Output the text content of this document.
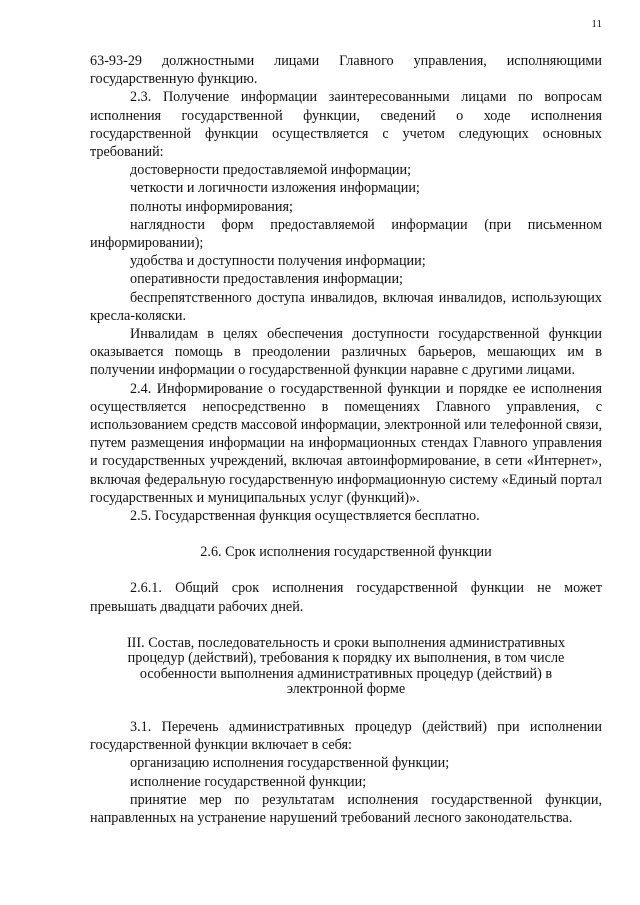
11

63-93-29 должностными лицами Главного управления, исполняющими государственную функцию.

2.3. Получение информации заинтересованными лицами по вопросам исполнения государственной функции, сведений о ходе исполнения государственной функции осуществляется с учетом следующих основных требований:

достоверности предоставляемой информации;

четкости и логичности изложения информации;

полноты информирования;

наглядности форм предоставляемой информации (при письменном информировании);

удобства и доступности получения информации;

оперативности предоставления информации;

беспрепятственного доступа инвалидов, включая инвалидов, использующих кресла-коляски.

Инвалидам в целях обеспечения доступности государственной функции оказывается помощь в преодолении различных барьеров, мешающих им в получении информации о государственной функции наравне с другими лицами.

2.4. Информирование о государственной функции и порядке ее исполнения осуществляется непосредственно в помещениях Главного управления, с использованием средств массовой информации, электронной или телефонной связи, путем размещения информации на информационных стендах Главного управления и государственных учреждений, включая автоинформирование, в сети «Интернет», включая федеральную государственную информационную систему «Единый портал государственных и муниципальных услуг (функций)».

2.5. Государственная функция осуществляется бесплатно.

2.6. Срок исполнения государственной функции

2.6.1. Общий срок исполнения государственной функции не может превышать двадцати рабочих дней.

III. Состав, последовательность и сроки выполнения административных процедур (действий), требования к порядку их выполнения, в том числе особенности выполнения административных процедур (действий) в электронной форме

3.1. Перечень административных процедур (действий) при исполнении государственной функции включает в себя:

организацию исполнения государственной функции;

исполнение государственной функции;

принятие мер по результатам исполнения государственной функции, направленных на устранение нарушений требований лесного законодательства.
